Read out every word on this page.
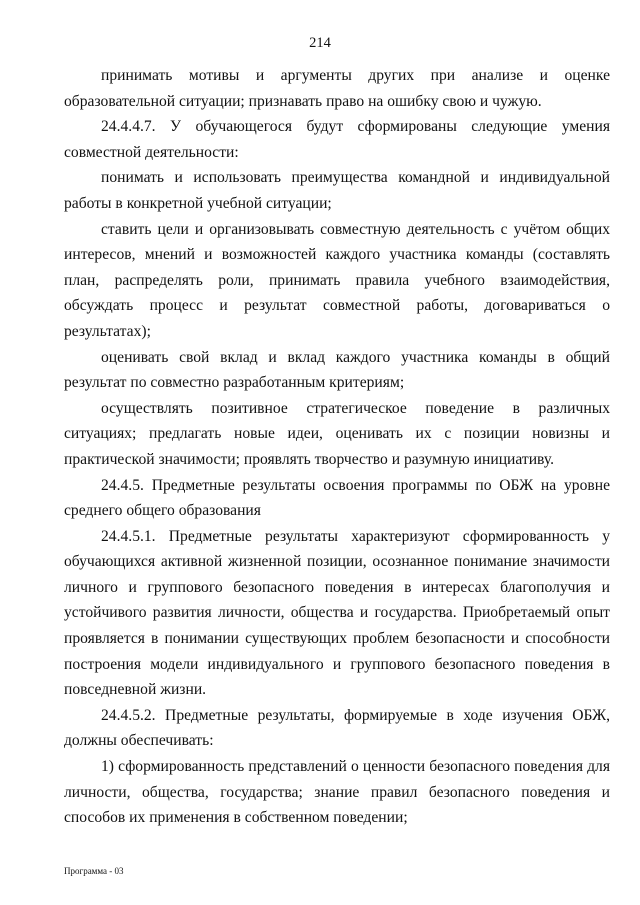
214

принимать мотивы и аргументы других при анализе и оценке образовательной ситуации; признавать право на ошибку свою и чужую.

24.4.4.7. У обучающегося будут сформированы следующие умения совместной деятельности:

понимать и использовать преимущества командной и индивидуальной работы в конкретной учебной ситуации;

ставить цели и организовывать совместную деятельность с учётом общих интересов, мнений и возможностей каждого участника команды (составлять план, распределять роли, принимать правила учебного взаимодействия, обсуждать процесс и результат совместной работы, договариваться о результатах);

оценивать свой вклад и вклад каждого участника команды в общий результат по совместно разработанным критериям;

осуществлять позитивное стратегическое поведение в различных ситуациях; предлагать новые идеи, оценивать их с позиции новизны и практической значимости; проявлять творчество и разумную инициативу.

24.4.5. Предметные результаты освоения программы по ОБЖ на уровне среднего общего образования

24.4.5.1. Предметные результаты характеризуют сформированность у обучающихся активной жизненной позиции, осознанное понимание значимости личного и группового безопасного поведения в интересах благополучия и устойчивого развития личности, общества и государства. Приобретаемый опыт проявляется в понимании существующих проблем безопасности и способности построения модели индивидуального и группового безопасного поведения в повседневной жизни.

24.4.5.2. Предметные результаты, формируемые в ходе изучения ОБЖ, должны обеспечивать:

1) сформированность представлений о ценности безопасного поведения для личности, общества, государства; знание правил безопасного поведения и способов их применения в собственном поведении;

Программа - 03
